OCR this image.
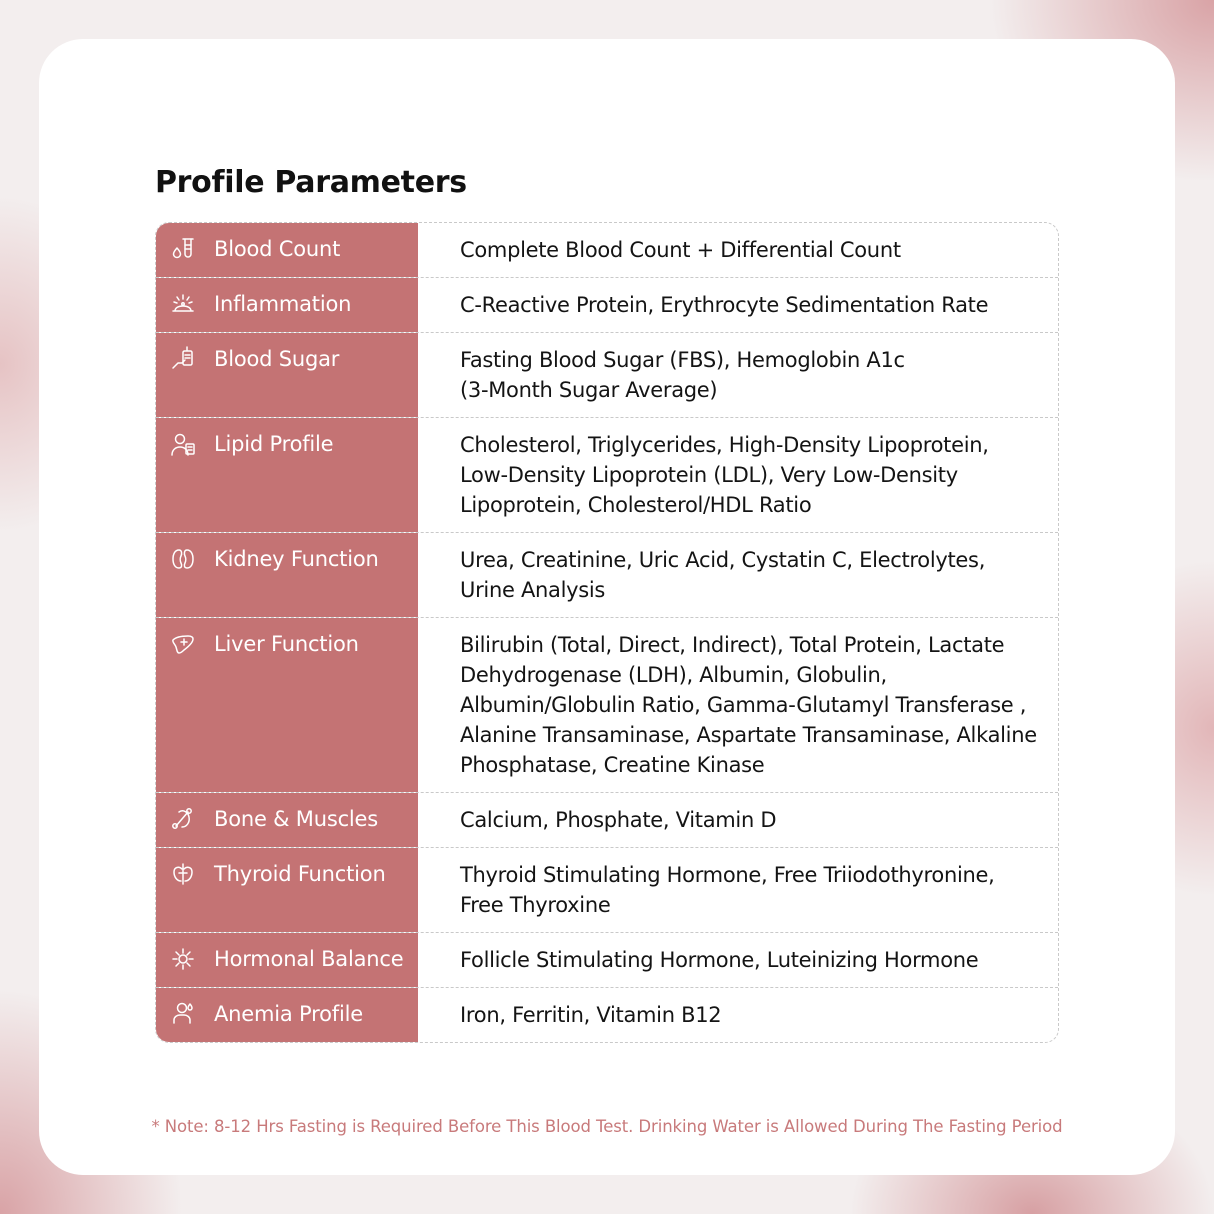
Profile Parameters
Blood Count	Complete Blood Count + Differential Count
Inflammation	C-Reactive Protein, Erythrocyte Sedimentation Rate
Blood Sugar	Fasting Blood Sugar (FBS), Hemoglobin A1c
(3-Month Sugar Average)
Lipid Profile	Cholesterol, Triglycerides, High-Density Lipoprotein,
Low-Density Lipoprotein (LDL), Very Low-Density
Lipoprotein, Cholesterol/HDL Ratio
Kidney Function	Urea, Creatinine, Uric Acid, Cystatin C, Electrolytes,
Urine Analysis
Liver Function	Bilirubin (Total, Direct, Indirect), Total Protein, Lactate
Dehydrogenase (LDH), Albumin, Globulin,
Albumin/Globulin Ratio, Gamma-Glutamyl Transferase ,
Alanine Transaminase, Aspartate Transaminase, Alkaline
Phosphatase, Creatine Kinase
Bone & Muscles	Calcium, Phosphate, Vitamin D
Thyroid Function	Thyroid Stimulating Hormone, Free Triiodothyronine,
Free Thyroxine
Hormonal Balance	Follicle Stimulating Hormone, Luteinizing Hormone
Anemia Profile	Iron, Ferritin, Vitamin B12
* Note: 8-12 Hrs Fasting is Required Before This Blood Test. Drinking Water is Allowed During The Fasting Period
